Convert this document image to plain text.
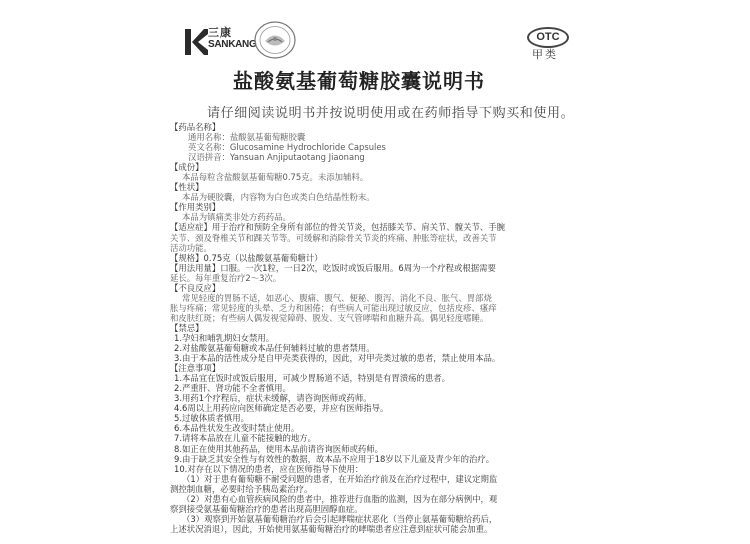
三康
SANKANG
OTC
甲类
盐酸氨基葡萄糖胶囊说明书
请仔细阅读说明书并按说明使用或在药师指导下购买和使用。
【药品名称】
通用名称：盐酸氨基葡萄糖胶囊
英文名称：Glucosamine Hydrochloride Capsules
汉语拼音：Yansuan Anjiputaotang Jiaonang
【成份】
本品每粒含盐酸氨基葡萄糖0.75克。未添加辅料。
【性状】
本品为硬胶囊，内容物为白色或类白色结晶性粉末。
【作用类别】
本品为镇痛类非处方药药品。
【适应症】用于治疗和预防全身所有部位的骨关节炎，包括膝关节、肩关节、髋关节、手腕
关节、颈及脊椎关节和踝关节等。可缓解和消除骨关节炎的疼痛、肿胀等症状，改善关节
活动功能。
【规格】0.75克（以盐酸氨基葡萄糖计）
【用法用量】口服。一次1粒，一日2次，吃饭时或饭后服用。6周为一个疗程或根据需要
延长。每年重复治疗2～3次。
【不良反应】
常见轻度的胃肠不适，如恶心、腹痛、腹气、便秘、腹泻、消化不良、胀气、胃部烧
胀与疼痛；常见轻度的头晕、乏力和困倦；有些病人可能出现过敏反应，包括皮疹、瘙痒
和皮肤红斑；有些病人偶发视觉障碍、脱发、支气管哮喘和血糖升高。偶见轻度嗜睡。
【禁忌】
1.孕妇和哺乳期妇女禁用。
2.对盐酸氨基葡萄糖或本品任何辅料过敏的患者禁用。
3.由于本品的活性成分是自甲壳类获得的，因此，对甲壳类过敏的患者，禁止使用本品。
【注意事项】
1.本品宜在饭时或饭后服用，可减少胃肠道不适，特别是有胃溃疡的患者。
2.严重肝、肾功能不全者慎用。
3.用药1个疗程后，症状未缓解，请咨询医师或药师。
4.6周以上用药应向医师确定是否必要，并应有医师指导。
5.过敏体质者慎用。
6.本品性状发生改变时禁止使用。
7.请将本品放在儿童不能接触的地方。
8.如正在使用其他药品，使用本品前请咨询医师或药师。
9.由于缺乏其安全性与有效性的数据，故本品不应用于18岁以下儿童及青少年的治疗。
10.对存在以下情况的患者，应在医师指导下使用：
（1）对于患有葡萄糖不耐受问题的患者，在开始治疗前及在治疗过程中，建议定期监
测控制血糖，必要时给予胰岛素治疗。
（2）对患有心血管疾病风险的患者中，推荐进行血脂的监测，因为在部分病例中，观
察到接受氨基葡萄糖治疗的患者出现高胆固醇血症。
（3）观察到开始氨基葡萄糖治疗后会引起哮喘症状恶化（当停止氨基葡萄糖给药后，
上述状况消退），因此，开始使用氨基葡萄糖治疗的哮喘患者应注意到症状可能会加重。
